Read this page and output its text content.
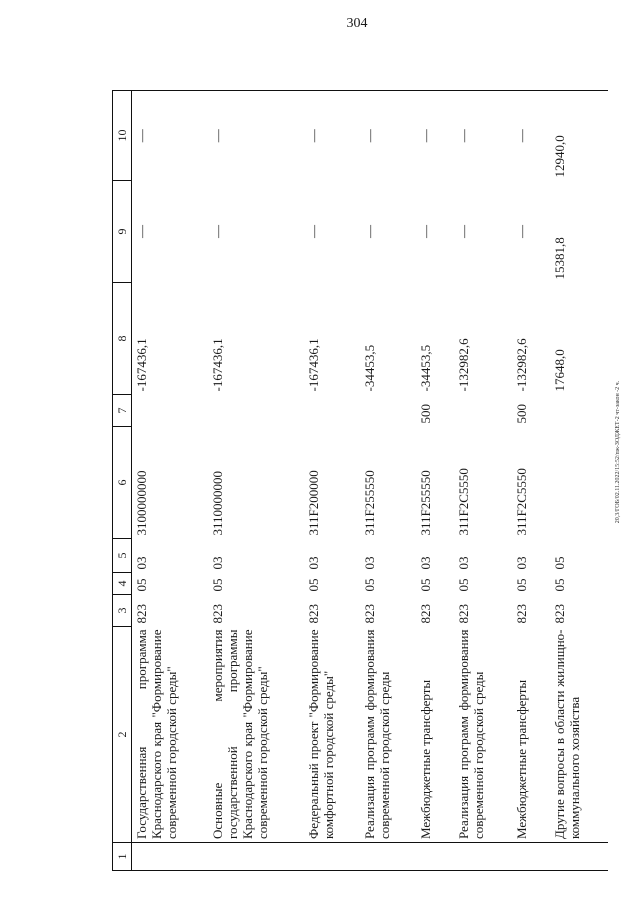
304
20,3/ГОБ/02.11.2022/15:52/пж-ЗОДЖЕТ-2 чт-закон -2 ч.
1	2	3	4	5	6	7	8	9	10
	Государственная программа Краснодарского края "Формирование современной городской среды"	823	05	03	3100000000		-167436,1	—	—
	Основные мероприятия государственной программы Краснодарского края "Формирование современной городской среды"	823	05	03	3110000000		-167436,1	—	—
	Федеральный проект "Формирование комфортной городской среды"	823	05	03	311F200000		-167436,1	—	—
	Реализация программ формирования современной городской среды	823	05	03	311F255550		-34453,5	—	—
	Межбюджетные трансферты	823	05	03	311F255550	500	-34453,5	—	—
	Реализация программ формирования современной городской среды	823	05	03	311F2C5550		-132982,6	—	—
	Межбюджетные трансферты	823	05	03	311F2C5550	500	-132982,6	—	—
	Другие вопросы в области жилищно-коммунального хозяйства	823	05	05			17648,0	15381,8	12940,0
